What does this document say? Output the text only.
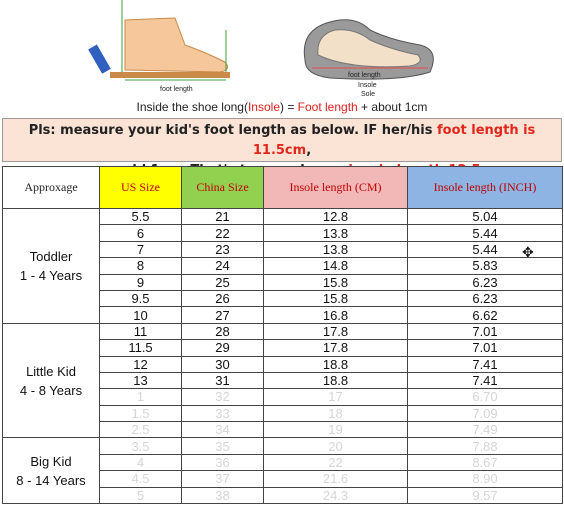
foot length
foot length
Insole
Sole
Inside the shoe long(Insole) = Foot length + about 1cm
Pls: measure your kid's foot length as below. IF her/his foot length is 11.5cm,

Approxage	US Size	China Size	Insole length (CM)	Insole length (INCH)

Toddler
1 - 4 Years	5.5	21	12.8	5.04
	6	22	13.8	5.44
	7	23	13.8	5.44
	8	24	14.8	5.83
	9	25	15.8	6.23
	9.5	26	15.8	6.23
	10	27	16.8	6.62

Little Kid
4 - 8 Years	11	28	17.8	7.01
	11.5	29	17.8	7.01
	12	30	18.8	7.41
	13	31	18.8	7.41
	1	32	17	6.70
	1.5	33	18	7.09
	2.5	34	19	7.49

Big Kid
8 - 14 Years	3.5	35	20	7.88
	4	36	22	8.67
	4.5	37	21.6	8.90
	5	38	24.3	9.57
✥
